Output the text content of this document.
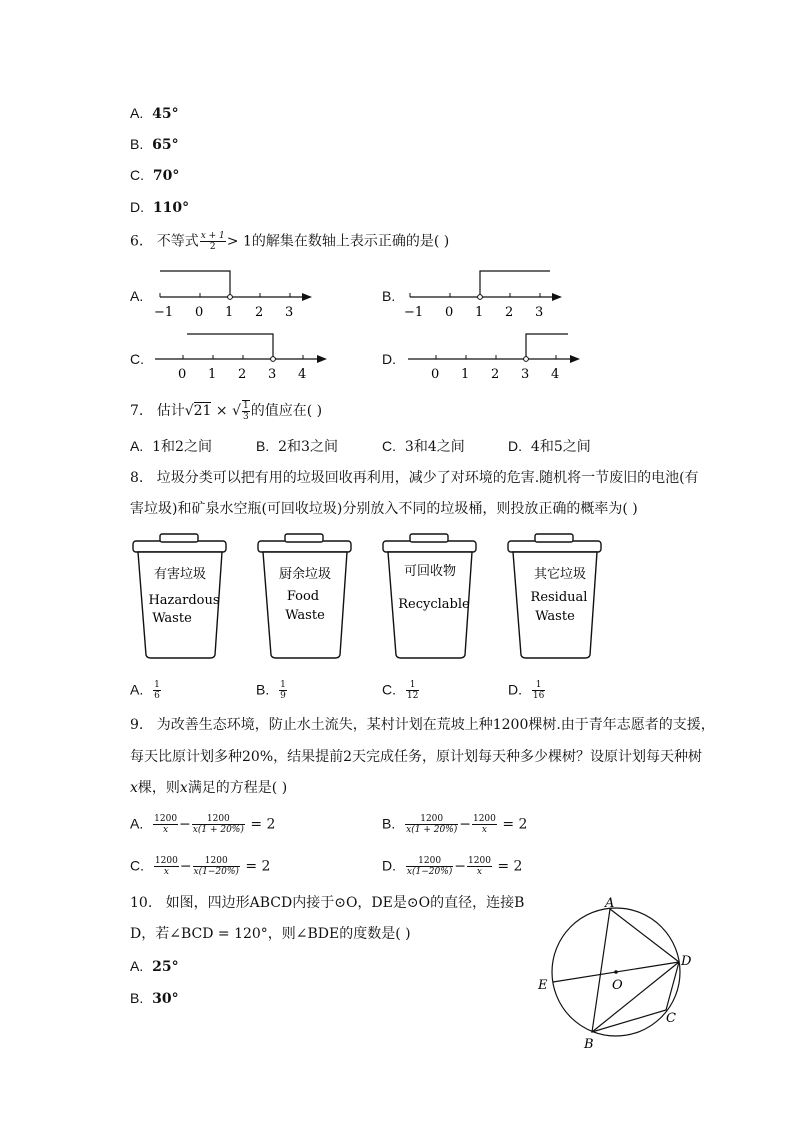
A. 45°
B. 65°
C. 70°
D. 110°
6. 不等式 $\frac{x + 1}{2} > 1$的解集在数轴上表示正确的是( )
A.
−1 0 1 2 3
B.
−1 0 1 2 3
C.
0 1 2 3 4
D.
0 1 2 3 4
7. 估计√21 × √ $\frac{1}{3}$ 的值应在( )
A. 1和2之间	B. 2和3之间	C. 3和4之间	D. 4和5之间
8. 垃圾分类可以把有用的垃圾回收再利用，减少了对环境的危害.随机将一节废旧的电池(有
害垃圾)和矿泉水空瓶(可回收垃圾)分别放入不同的垃圾桶，则投放正确的概率为( )
有害垃圾
Hazardous
Waste
厨余垃圾
Food
Waste
可回收物
Recyclable
其它垃圾
Residual
Waste
A. $\frac{1}{6}$	B. $\frac{1}{9}$	C. $\frac{1}{12}$	D. $\frac{1}{16}$
9. 为改善生态环境，防止水土流失，某村计划在荒坡上种1200棵树.由于青年志愿者的支援，
每天比原计划多种20%，结果提前2天完成任务，原计划每天种多少棵树？设原计划每天种树
x棵，则x满足的方程是( )
A. $\frac{1200}{x} - \frac{1200}{x(1 + 20\%)} = 2$	B. $\frac{1200}{x(1 + 20\%)} - \frac{1200}{x} = 2$
C. $\frac{1200}{x} - \frac{1200}{x(1-20\%)} = 2$	D. $\frac{1200}{x(1-20\%)} - \frac{1200}{x} = 2$
10. 如图，四边形ABCD内接于⊙O，DE是⊙O的直径，连接B
D，若∠BCD = 120°，则∠BDE的度数是( )
A. 25°
B. 30°
A
B
C
D
E	O
